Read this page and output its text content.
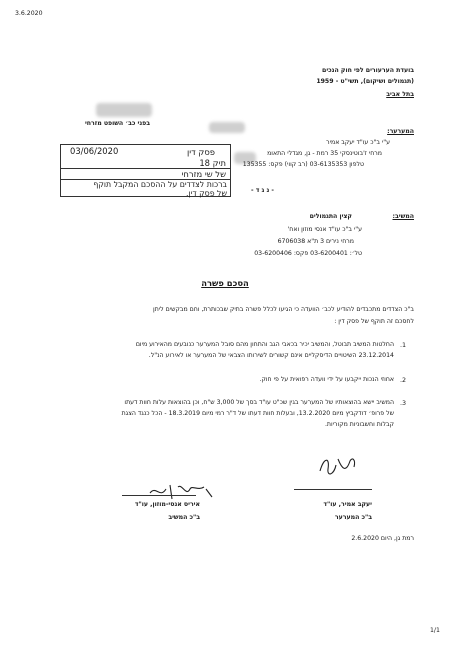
3.6.2020
בועדת הערעורים לפי חוק הנכים
(תגמולים ושיקום), תשי"ט - 1959
בתל אביב
בפני כב׳ השופט מזרחי
המערער:
ע"י ב"כ עו"ד יעקב אמיר
מרחי ז'בוטינסקי 35 רמת - גן, מגדלי התאומ
טלפון 03-6135353 (רב קווי) פקס: 135355
- נ ג ד -
פסק דין
03/06/2020
תיק 18
של שי מזרחי
ברכות לצדדים על ההסכם המקבל תוקף
של פסק דין.
המשיב:
קצין התגמולים
ע"י ב"כ עו"ד אנסי מוזון ואח'
מרחי נירים 3 ת"א 6706038
טל׳: 03-6200401 פקס: 03-6200406
הסכם פשרה
ב"כ הצדדים מתכבדים להודיע לכב׳ הוועדה כי הגיעו לכלל פשרה בתיק שבכותרת, וחם מבקשים ליתן
לחסכם זה תוקף של פסק דין :
.1
החלטות המשיב תבוטל, והמשיב יכיר בכאבי הגב והתחון מהם סובל המערער כנובעים מהאירוע מיום
23.12.2014 השיטויים הדיסקליים אינם קשורים לשירותו הצבאי של המערער או לאירוע הנ"ל.
.2
אחוזי הנכות ייקבעו על ידי וועדה רפואית על פי חוק.
.3
המשיב יישא בהוצאותיו של המערער בגין שכ"ט עו"ד בסך של 3,000 ש"ח, וכן בהוצאות עלות חוות דעתו
של פרופ׳ דודקביץ מיום 13.2.2020, ובעלות חוות דעתו של ד"ר רמי מיום 18.3.2019 - הכל כנגד הצגת
קבלות וחשבוניות מקוריות.
איריס אנסי-מוזון, עו"ד
ב"כ המשיב
יעקב אמיר, עו"ד
ב"כ המערער
רמת גן, היום 2.6.2020
1/1
